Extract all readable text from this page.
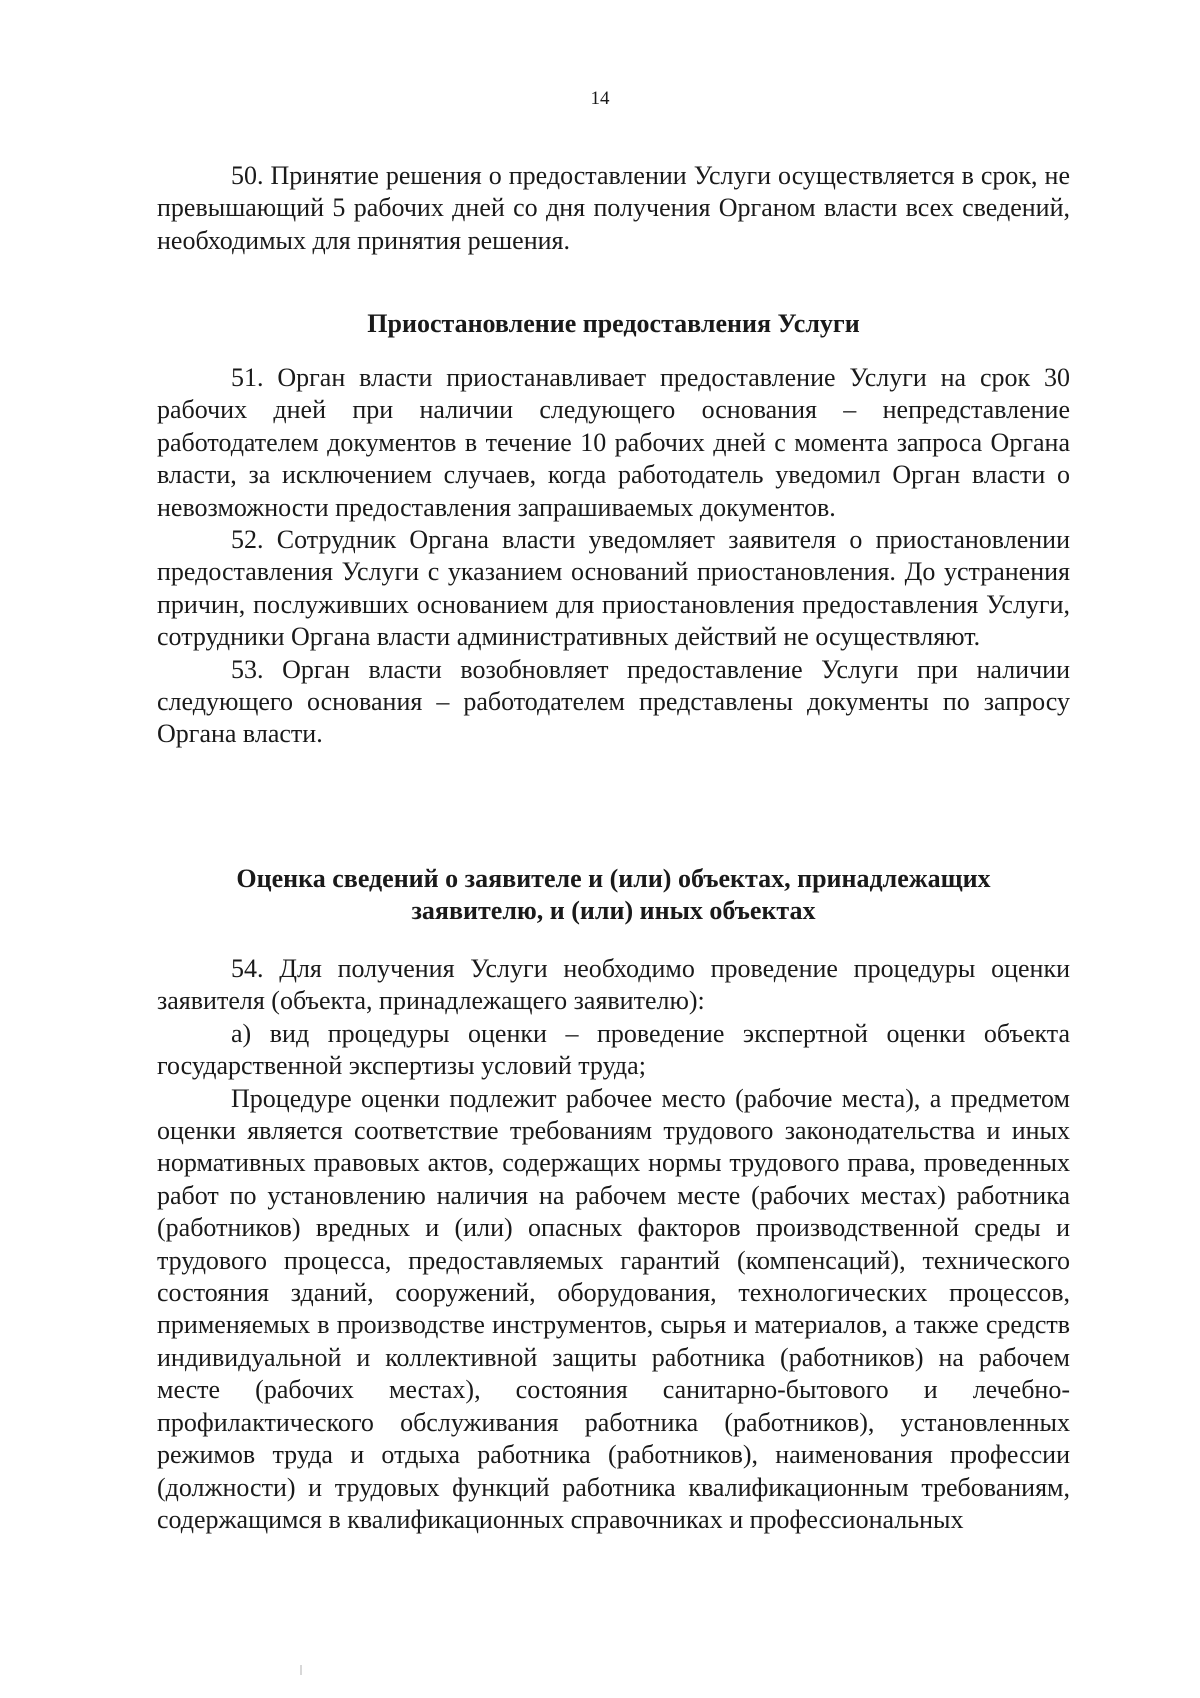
14

50. Принятие решения о предоставлении Услуги осуществляется в срок, не превышающий 5 рабочих дней со дня получения Органом власти всех сведений, необходимых для принятия решения.

Приостановление предоставления Услуги

51. Орган власти приостанавливает предоставление Услуги на срок 30 рабочих дней при наличии следующего основания – непредставление работодателем документов в течение 10 рабочих дней с момента запроса Органа власти, за исключением случаев, когда работодатель уведомил Орган власти о невозможности предоставления запрашиваемых документов.

52. Сотрудник Органа власти уведомляет заявителя о приостановлении предоставления Услуги с указанием оснований приостановления. До устранения причин, послуживших основанием для приостановления предоставления Услуги, сотрудники Органа власти административных действий не осуществляют.

53. Орган власти возобновляет предоставление Услуги при наличии следующего основания – работодателем представлены документы по запросу Органа власти.

Оценка сведений о заявителе и (или) объектах, принадлежащих
заявителю, и (или) иных объектах

54. Для получения Услуги необходимо проведение процедуры оценки заявителя (объекта, принадлежащего заявителю):

а) вид процедуры оценки – проведение экспертной оценки объекта государственной экспертизы условий труда;

Процедуре оценки подлежит рабочее место (рабочие места), а предметом оценки является соответствие требованиям трудового законодательства и иных нормативных правовых актов, содержащих нормы трудового права, проведенных работ по установлению наличия на рабочем месте (рабочих местах) работника (работников) вредных и (или) опасных факторов производственной среды и трудового процесса, предоставляемых гарантий (компенсаций), технического состояния зданий, сооружений, оборудования, технологических процессов, применяемых в производстве инструментов, сырья и материалов, а также средств индивидуальной и коллективной защиты работника (работников) на рабочем месте (рабочих местах), состояния санитарно-бытового и лечебно-профилактического обслуживания работника (работников), установленных режимов труда и отдыха работника (работников), наименования профессии (должности) и трудовых функций работника квалификационным требованиям, содержащимся в квалификационных справочниках и профессиональных
